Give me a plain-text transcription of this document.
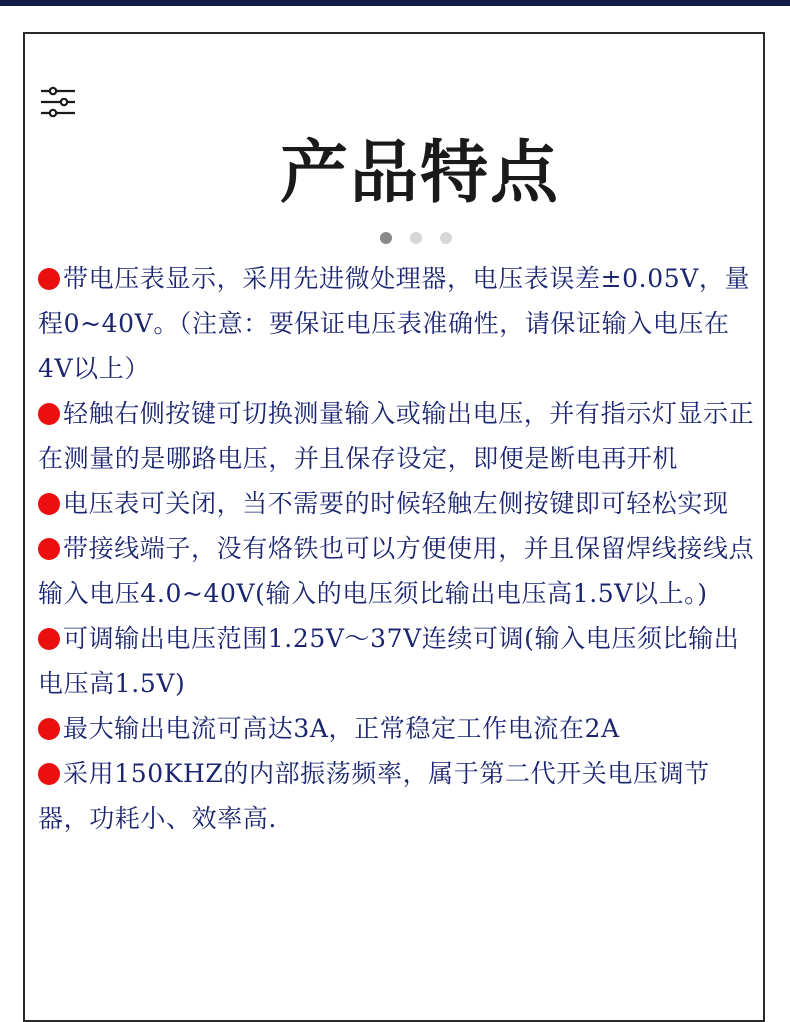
产品特点

带电压表显示，采用先进微处理器，电压表误差±0.05V，量程0~40V。（注意：要保证电压表准确性，请保证输入电压在4V以上）

轻触右侧按键可切换测量输入或输出电压，并有指示灯显示正在测量的是哪路电压，并且保存设定，即便是断电再开机

电压表可关闭，当不需要的时候轻触左侧按键即可轻松实现

带接线端子，没有烙铁也可以方便使用，并且保留焊线接线点输入电压4.0~40V(输入的电压须比输出电压高1.5V以上。)

可调输出电压范围1.25V～37V连续可调(输入电压须比输出电压高1.5V)

最大输出电流可高达3A，正常稳定工作电流在2A

采用150KHZ的内部振荡频率，属于第二代开关电压调节器，功耗小、效率高.
